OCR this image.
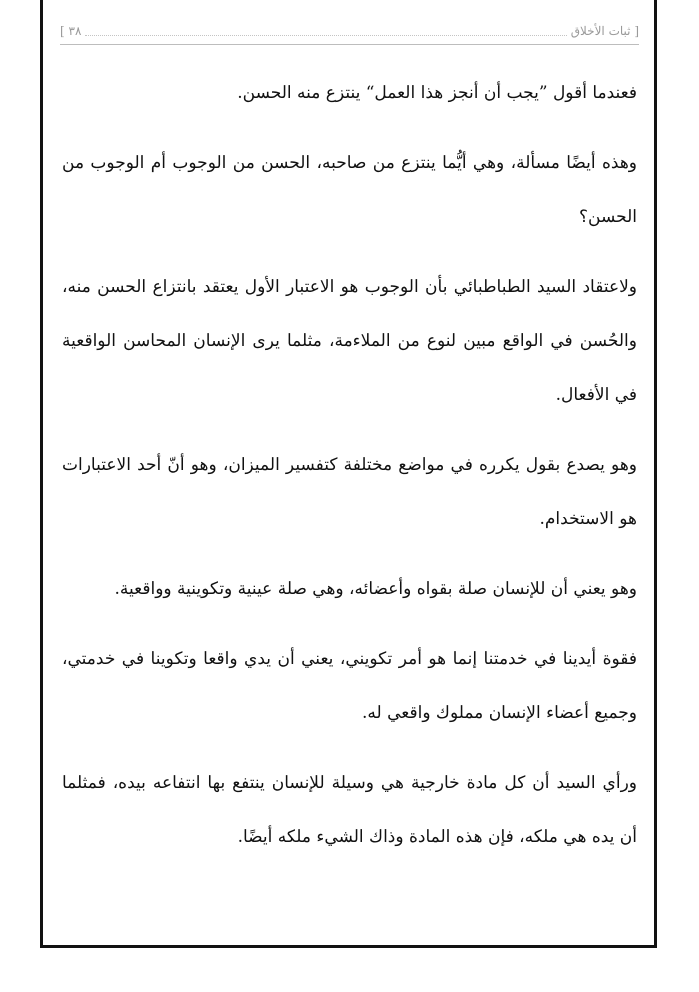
[ ثبات الأخلاق
٣٨ ]

فعندما أقول ”يجب أن أنجز هذا العمل“ ينتزع منه الحسن.

وهذه أيضًا مسألة، وهي أيُّما ينتزع من صاحبه، الحسن من الوجوب أم الوجوب من الحسن؟

ولاعتقاد السيد الطباطبائي بأن الوجوب هو الاعتبار الأول يعتقد بانتزاع الحسن منه، والحُسن في الواقع مبين لنوع من الملاءمة، مثلما يرى الإنسان المحاسن الواقعية في الأفعال.

وهو يصدع بقول يكرره في مواضع مختلفة كتفسير الميزان، وهو أنّ أحد الاعتبارات هو الاستخدام.

وهو يعني أن للإنسان صلة بقواه وأعضائه، وهي صلة عينية وتكوينية وواقعية.

فقوة أيدينا في خدمتنا إنما هو أمر تكويني، يعني أن يدي واقعا وتكوينا في خدمتي، وجميع أعضاء الإنسان مملوك واقعي له.

ورأي السيد أن كل مادة خارجية هي وسيلة للإنسان ينتفع بها انتفاعه بيده، فمثلما أن يده هي ملكه، فإن هذه المادة وذاك الشيء ملكه أيضًا.
